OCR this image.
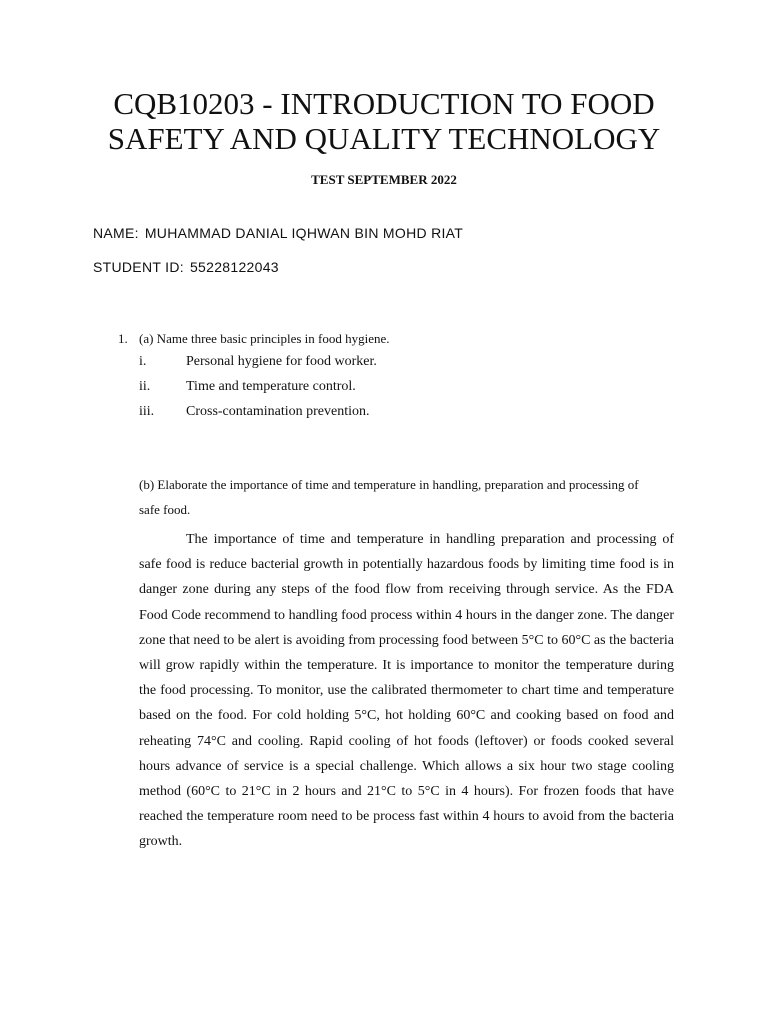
CQB10203 - INTRODUCTION TO FOOD
SAFETY AND QUALITY TECHNOLOGY

TEST SEPTEMBER 2022

NAME: MUHAMMAD DANIAL IQHWAN BIN MOHD RIAT
STUDENT ID: 55228122043
1. (a) Name three basic principles in food hygiene.
i.	Personal hygiene for food worker.
ii.	Time and temperature control.
iii. Cross-contamination prevention.

(b) Elaborate the importance of time and temperature in handling, preparation and processing of safe food.

The importance of time and temperature in handling preparation and processing of safe food is reduce bacterial growth in potentially hazardous foods by limiting time food is in danger zone during any steps of the food flow from receiving through service. As the FDA Food Code recommend to handling food process within 4 hours in the danger zone. The danger zone that need to be alert is avoiding from processing food between 5°C to 60°C as the bacteria will grow rapidly within the temperature. It is importance to monitor the temperature during the food processing. To monitor, use the calibrated thermometer to chart time and temperature based on the food. For cold holding 5°C, hot holding 60°C and cooking based on food and reheating 74°C and cooling. Rapid cooling of hot foods (leftover) or foods cooked several hours advance of service is a special challenge. Which allows a six hour two stage cooling method (60°C to 21°C in 2 hours and 21°C to 5°C in 4 hours). For frozen foods that have reached the temperature room need to be process fast within 4 hours to avoid from the bacteria growth.
